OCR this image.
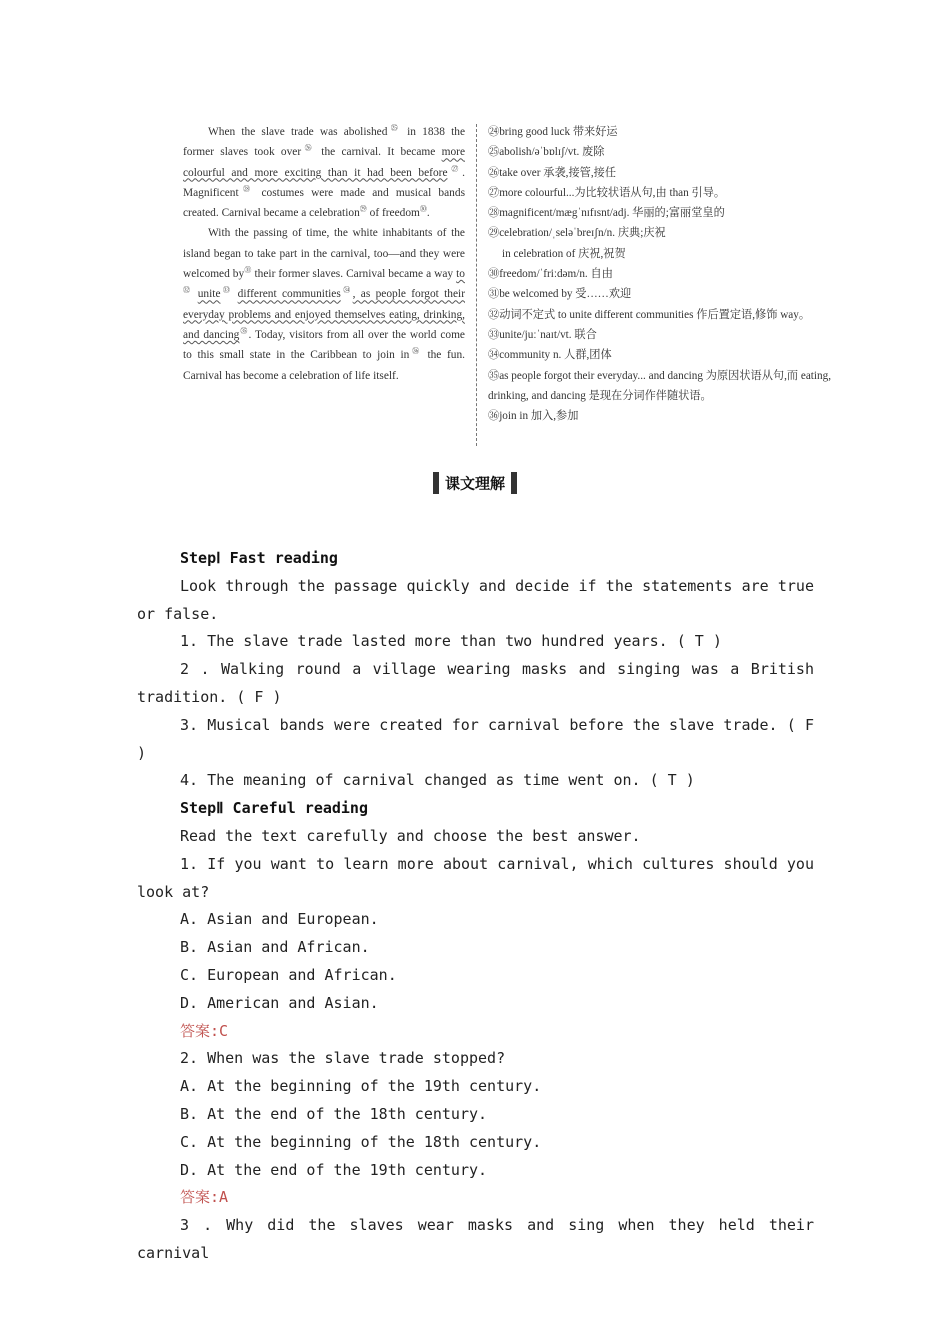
When the slave trade was abolished$^㉕$ in 1838 the former slaves took over$^㉖$ the carnival. It became more colourful and more exciting than it had been before$^㉗$. Magnificent$^㉘$ costumes were made and musical bands created. Carnival became a celebration$^㉙$ of freedom$^㉚$.

With the passing of time, the white inhabitants of the island began to take part in the carnival, too—and they were welcomed $by^㉛$ their former slaves. Carnival became a way $to^㉜$ unite$^㉝$ different communities$^㉞$, as people forgot their everyday problems and enjoyed themselves eating, drinking, and dancing$^㉟$. Today, visitors from all over the world come to this small state in the Caribbean to join $in^㊱$ the fun. Carnival has become a celebration of life itself.

㉔bring good luck 带来好运

㉕abolish/əˈbɒlɪʃ/vt. 废除

㉖take over 承袭,接管,接任

㉗more colourful...为比较状语从句,由 than 引导。

㉘magnificent/mægˈnɪfɪsnt/adj. 华丽的;富丽堂皇的

㉙celebration/ˌseləˈbreɪʃn/n. 庆典;庆祝

in celebration of 庆祝,祝贺

㉚freedom/ˈfriːdəm/n. 自由

㉛be welcomed by 受……欢迎

㉜动词不定式 to unite different communities 作后置定语,修饰 way。

㉝unite/juːˈnaɪt/vt. 联合

㉞community n. 人群,团体

㉟as people forgot their everyday... and dancing 为原因状语从句,而 eating, drinking, and dancing 是现在分词作伴随状语。

㊱join in 加入,参加

课文理解

StepⅠ Fast reading

Look through the passage quickly and decide if the statements are true or false.

1. The slave trade lasted more than two hundred years. ( T )

2 . Walking round a village wearing masks and singing was a British tradition. ( F )

3. Musical bands were created for carnival before the slave trade. ( F )

4. The meaning of carnival changed as time went on. ( T )

StepⅡ Careful reading

Read the text carefully and choose the best answer.

1. If you want to learn more about carnival, which cultures should you look at?

A. Asian and European.

B. Asian and African.

C. European and African.

D. American and Asian.

答案:C

2. When was the slave trade stopped?

A. At the beginning of the 19th century.

B. At the end of the 18th century.

C. At the beginning of the 18th century.

D. At the end of the 19th century.

答案:A

3 . Why did the slaves wear masks and sing when they held their carnival
